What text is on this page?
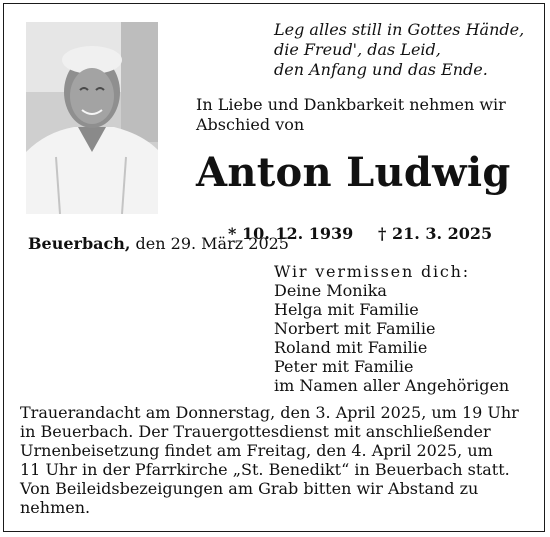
Leg alles still in Gottes Hände,
die Freud', das Leid,
den Anfang und das Ende.
In Liebe und Dankbarkeit nehmen wir
Abschied von
Anton Ludwig
* 10. 12. 1939 † 21. 3. 2025
Beuerbach, den 29. März 2025
Wir vermissen dich:
Deine Monika
Helga mit Familie
Norbert mit Familie
Roland mit Familie
Peter mit Familie
im Namen aller Angehörigen
Trauerandacht am Donnerstag, den 3. April 2025, um 19 Uhr
in Beuerbach. Der Trauergottesdienst mit anschließender
Urnenbeisetzung findet am Freitag, den 4. April 2025, um
11 Uhr in der Pfarrkirche „St. Benedikt“ in Beuerbach statt.
Von Beileidsbezeigungen am Grab bitten wir Abstand zu
nehmen.
